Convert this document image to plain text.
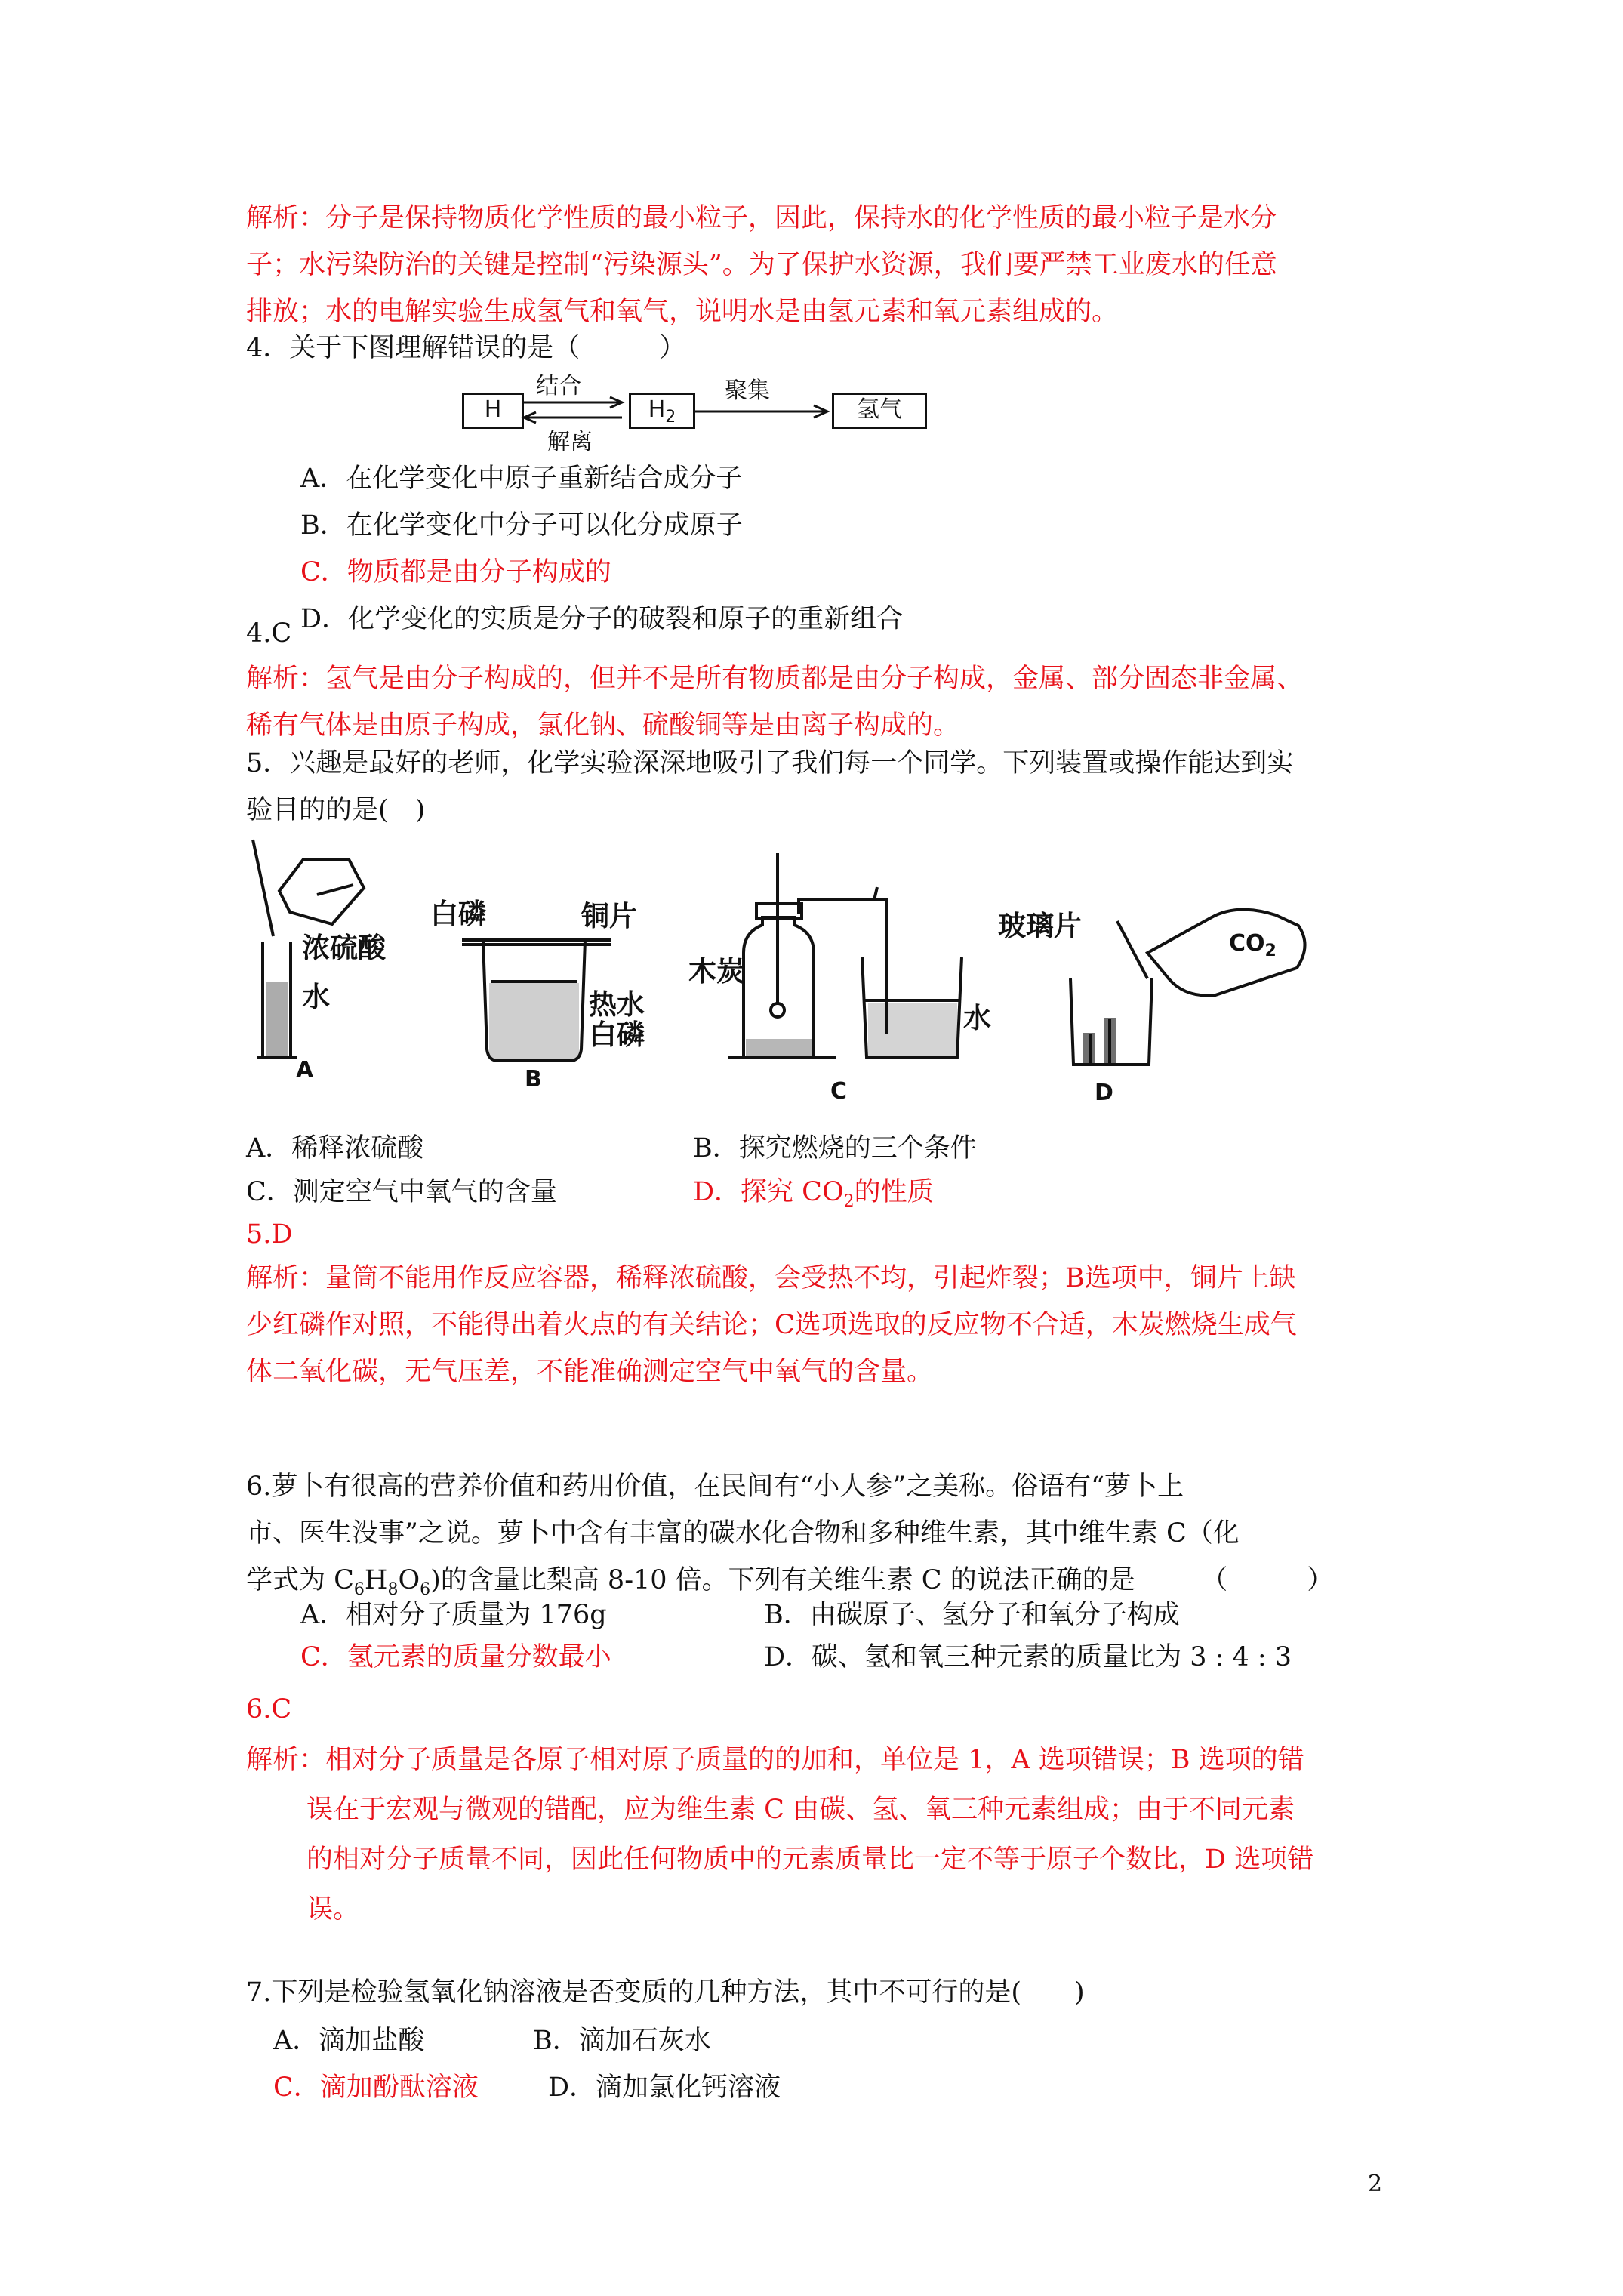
解析：分子是保持物质化学性质的最小粒子，因此，保持水的化学性质的最小粒子是水分
子；水污染防治的关键是控制“污染源头”。为了保护水资源，我们要严禁工业废水的任意
排放；水的电解实验生成氢气和氧气，说明水是由氢元素和氧元素组成的。
4．关于下图理解错误的是（　　　）
H	$H_2$	氢气
结合
解离
聚集
A．在化学变化中原子重新结合成分子
B．在化学变化中分子可以化分成原子
C．物质都是由分子构成的
D．化学变化的实质是分子的破裂和原子的重新组合
4.C
解析：氢气是由分子构成的，但并不是所有物质都是由分子构成，金属、部分固态非金属、
稀有气体是由原子构成，氯化钠、硫酸铜等是由离子构成的。
5．兴趣是最好的老师，化学实验深深地吸引了我们每一个同学。下列装置或操作能达到实
验目的的是(　)
浓硫酸
水
A
白磷	铜片
热水
白磷
B
木炭
水
C
玻璃片
$CO_2$
D
A．稀释浓硫酸	B．探究燃烧的三个条件
C．测定空气中氧气的含量	D．探究 $CO_2$的性质
5.D
解析：量筒不能用作反应容器，稀释浓硫酸，会受热不均，引起炸裂；B选项中，铜片上缺
少红磷作对照，不能得出着火点的有关结论；C选项选取的反应物不合适，木炭燃烧生成气
体二氧化碳，无气压差，不能准确测定空气中氧气的含量。
6.萝卜有很高的营养价值和药用价值，在民间有“小人参”之美称。俗语有“萝卜上
市、医生没事”之说。萝卜中含有丰富的碳水化合物和多种维生素，其中维生素 C（化
学式为 $C_6H_8O_6$)的含量比梨高 8-10 倍。下列有关维生素 C 的说法正确的是　　　（　　　）
A．相对分子质量为 176g	B．由碳原子、氢分子和氧分子构成
C．氢元素的质量分数最小	D．碳、氢和氧三种元素的质量比为 3 : 4 : 3
6.C
解析：相对分子质量是各原子相对原子质量的的加和，单位是 1，A 选项错误；B 选项的错
误在于宏观与微观的错配，应为维生素 C 由碳、氢、氧三种元素组成；由于不同元素
的相对分子质量不同，因此任何物质中的元素质量比一定不等于原子个数比，D 选项错
误。
7.下列是检验氢氧化钠溶液是否变质的几种方法，其中不可行的是(　　)
A．滴加盐酸	B．滴加石灰水
C．滴加酚酞溶液	D．滴加氯化钙溶液
2
